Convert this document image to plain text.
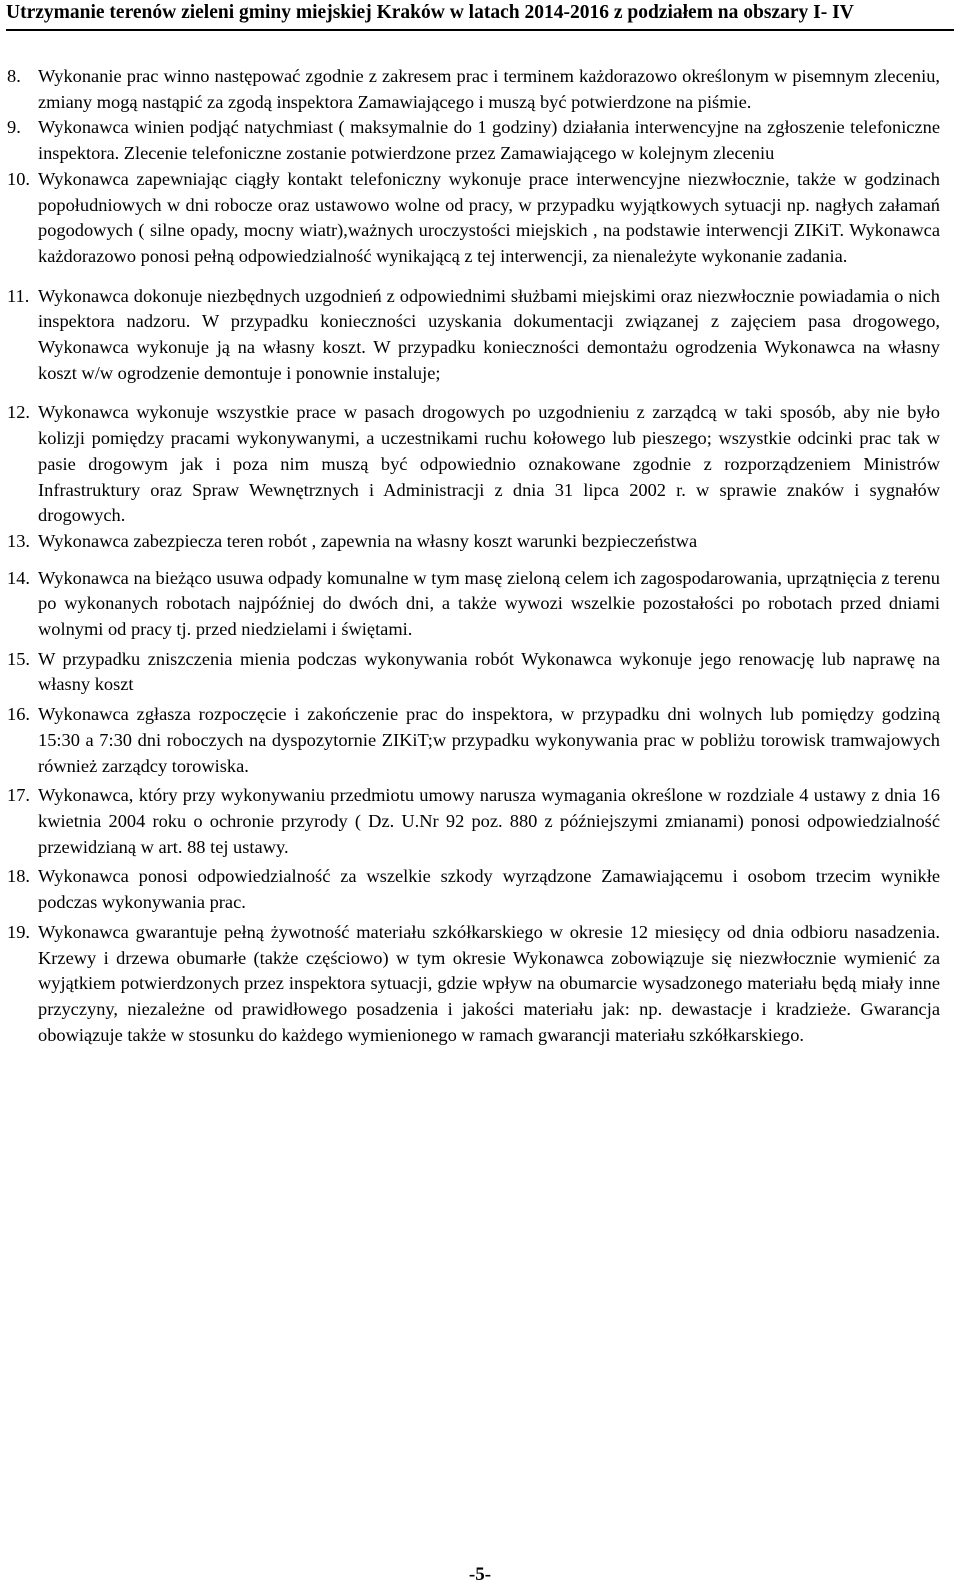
Utrzymanie terenów zieleni gminy miejskiej Kraków w latach 2014-2016 z podziałem na obszary I- IV
8. Wykonanie prac winno następować zgodnie z zakresem prac i terminem każdorazowo określonym w pisemnym zleceniu, zmiany mogą nastąpić za zgodą inspektora Zamawiającego i muszą być potwierdzone na piśmie.
9. Wykonawca winien podjąć natychmiast ( maksymalnie do 1 godziny) działania interwencyjne na zgłoszenie telefoniczne inspektora. Zlecenie telefoniczne zostanie potwierdzone przez Zamawiającego w kolejnym zleceniu
10. Wykonawca zapewniając ciągły kontakt telefoniczny wykonuje prace interwencyjne niezwłocznie, także w godzinach popołudniowych w dni robocze oraz ustawowo wolne od pracy, w przypadku wyjątkowych sytuacji np. nagłych załamań pogodowych ( silne opady, mocny wiatr),ważnych uroczystości miejskich , na podstawie interwencji ZIKiT. Wykonawca każdorazowo ponosi pełną odpowiedzialność wynikającą z tej interwencji, za nienależyte wykonanie zadania.
11. Wykonawca dokonuje niezbędnych uzgodnień z odpowiednimi służbami miejskimi oraz niezwłocznie powiadamia o nich inspektora nadzoru. W przypadku konieczności uzyskania dokumentacji związanej z zajęciem pasa drogowego, Wykonawca wykonuje ją na własny koszt. W przypadku konieczności demontażu ogrodzenia Wykonawca na własny koszt w/w ogrodzenie demontuje i ponownie instaluje;
12. Wykonawca wykonuje wszystkie prace w pasach drogowych po uzgodnieniu z zarządcą w taki sposób, aby nie było kolizji pomiędzy pracami wykonywanymi, a uczestnikami ruchu kołowego lub pieszego; wszystkie odcinki prac tak w pasie drogowym jak i poza nim muszą być odpowiednio oznakowane zgodnie z rozporządzeniem Ministrów Infrastruktury oraz Spraw Wewnętrznych i Administracji z dnia 31 lipca 2002 r. w sprawie znaków i sygnałów drogowych.
13. Wykonawca zabezpiecza teren robót , zapewnia na własny koszt warunki bezpieczeństwa
14. Wykonawca na bieżąco usuwa odpady komunalne w tym masę zieloną celem ich zagospodarowania, uprzątnięcia z terenu po wykonanych robotach najpóźniej do dwóch dni, a także wywozi wszelkie pozostałości po robotach przed dniami wolnymi od pracy tj. przed niedzielami i świętami.
15. W przypadku zniszczenia mienia podczas wykonywania robót Wykonawca wykonuje jego renowację lub naprawę na własny koszt
16. Wykonawca zgłasza rozpoczęcie i zakończenie prac do inspektora, w przypadku dni wolnych lub pomiędzy godziną 15:30 a 7:30 dni roboczych na dyspozytornie ZIKiT;w przypadku wykonywania prac w pobliżu torowisk tramwajowych również zarządcy torowiska.
17. Wykonawca, który przy wykonywaniu przedmiotu umowy narusza wymagania określone w rozdziale 4 ustawy z dnia 16 kwietnia 2004 roku o ochronie przyrody ( Dz. U.Nr 92 poz. 880 z późniejszymi zmianami) ponosi odpowiedzialność przewidzianą w art. 88 tej ustawy.
18. Wykonawca ponosi odpowiedzialność za wszelkie szkody wyrządzone Zamawiającemu i osobom trzecim wynikłe podczas wykonywania prac.
19. Wykonawca gwarantuje pełną żywotność materiału szkółkarskiego w okresie 12 miesięcy od dnia odbioru nasadzenia. Krzewy i drzewa obumarłe (także częściowo) w tym okresie Wykonawca zobowiązuje się niezwłocznie wymienić za wyjątkiem potwierdzonych przez inspektora sytuacji, gdzie wpływ na obumarcie wysadzonego materiału będą miały inne przyczyny, niezależne od prawidłowego posadzenia i jakości materiału jak: np. dewastacje i kradzieże. Gwarancja obowiązuje także w stosunku do każdego wymienionego w ramach gwarancji materiału szkółkarskiego.
-5-
